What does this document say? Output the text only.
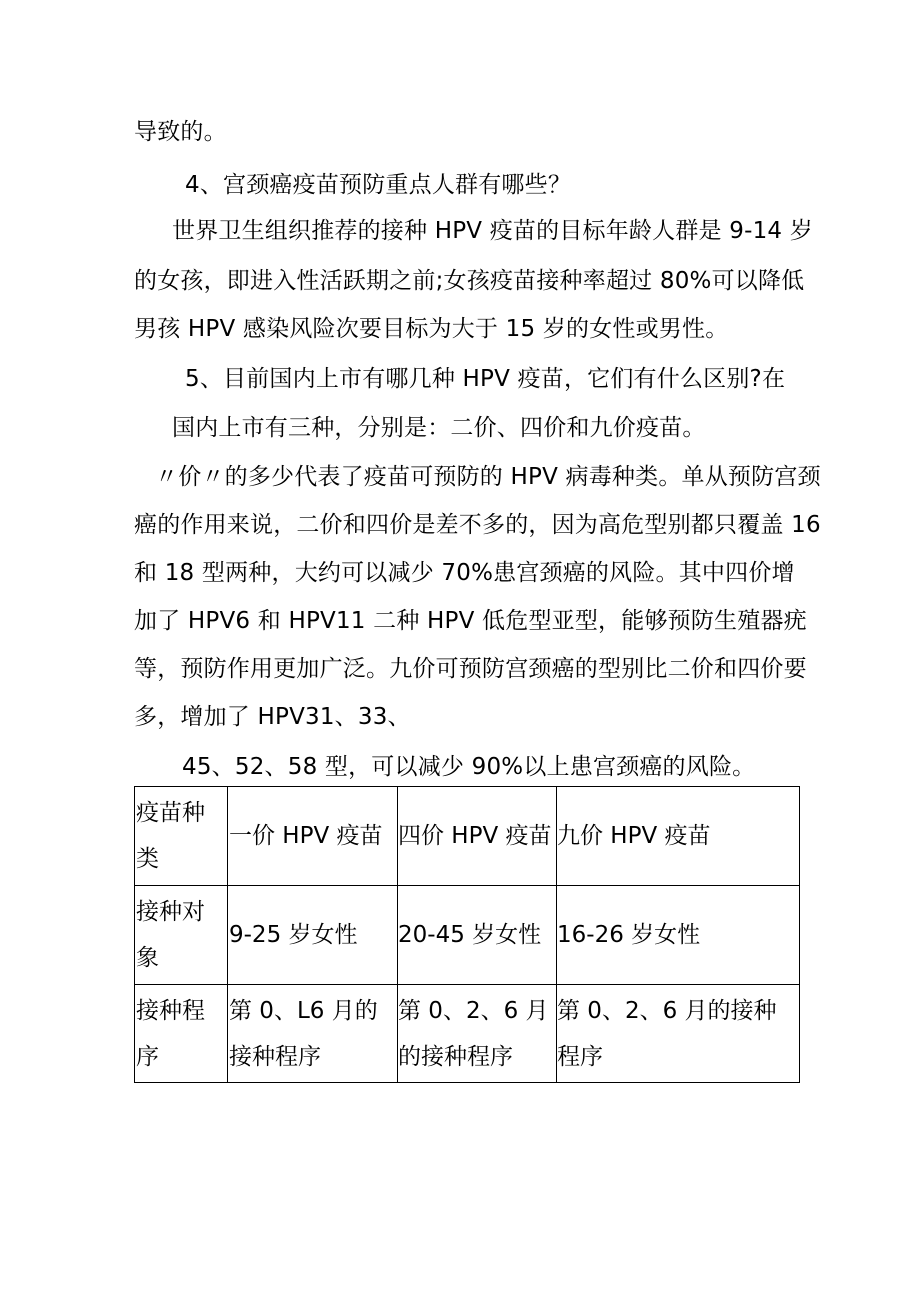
导致的。
4、宫颈癌疫苗预防重点人群有哪些？
世界卫生组织推荐的接种 HPV 疫苗的目标年龄人群是 9-14 岁
的女孩，即进入性活跃期之前;女孩疫苗接种率超过 80%可以降低
男孩 HPV 感染风险次要目标为大于 15 岁的女性或男性。
5、目前国内上市有哪几种 HPV 疫苗，它们有什么区别?在
国内上市有三种，分别是：二价、四价和九价疫苗。
〃价〃的多少代表了疫苗可预防的 HPV 病毒种类。单从预防宫颈
癌的作用来说，二价和四价是差不多的，因为高危型别都只覆盖 16
和 18 型两种，大约可以减少 70%患宫颈癌的风险。其中四价增
加了 HPV6 和 HPV11 二种 HPV 低危型亚型，能够预防生殖器疣
等，预防作用更加广泛。九价可预防宫颈癌的型别比二价和四价要
多，增加了 HPV31、33、
45、52、58 型，可以减少 90%以上患宫颈癌的风险。
疫苗种类	一价 HPV 疫苗	四价 HPV 疫苗	九价 HPV 疫苗
接种对象	9-25 岁女性	20-45 岁女性	16-26 岁女性
接种程序	第 0、L6 月的接种程序	第 0、2、6 月的接种程序	第 0、2、6 月的接种程序
